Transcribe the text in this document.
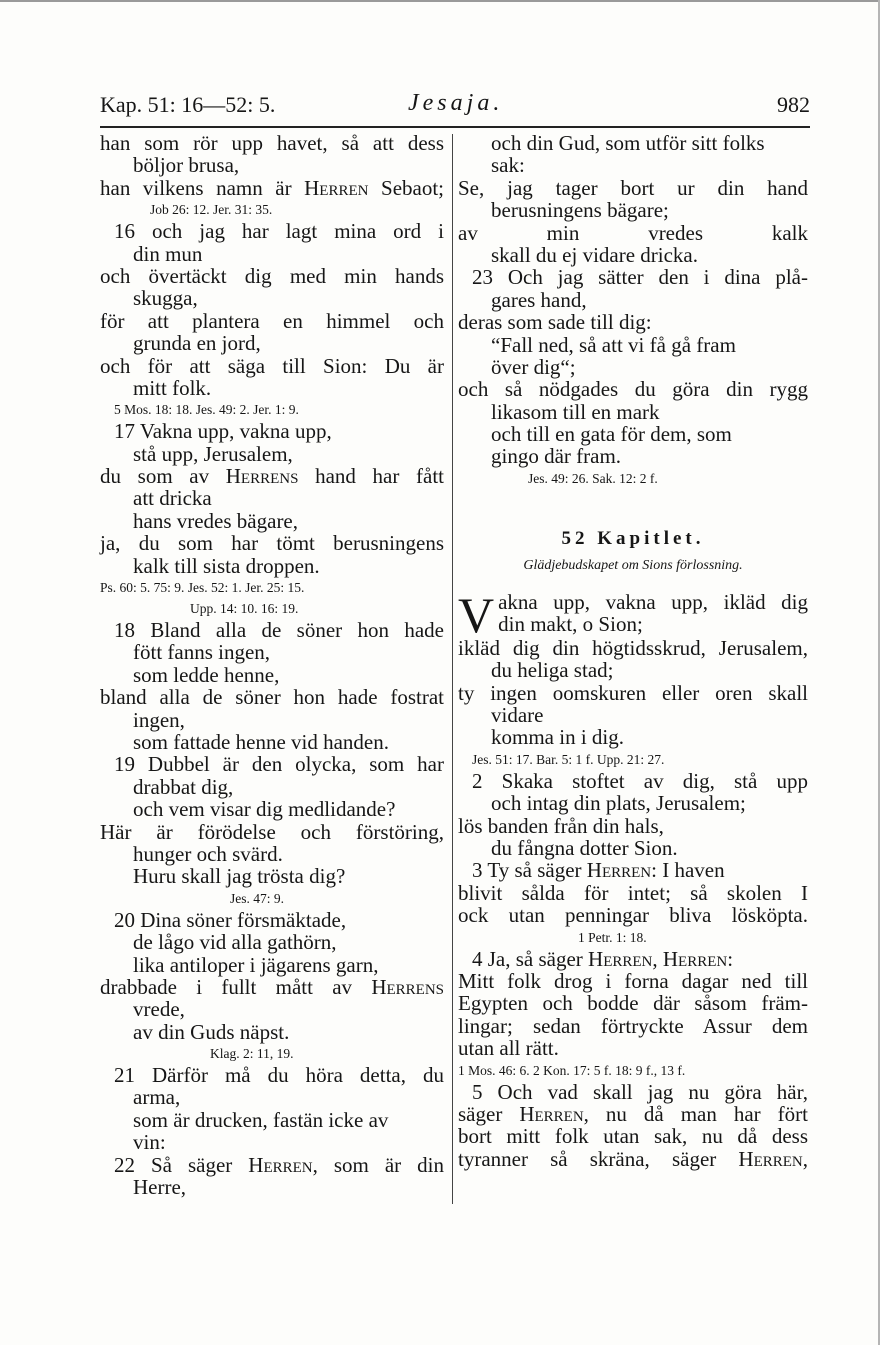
Kap. 51: 16—52: 5.	Jesaja.	982
han som rör upp havet, så att dess
böljor brusa,
han vilkens namn är Herren Sebaot;
Job 26: 12. Jer. 31: 35.
16 och jag har lagt mina ord i
din mun
och övertäckt dig med min hands
skugga,
för att plantera en himmel och
grunda en jord,
och för att säga till Sion: Du är
mitt folk.
5 Mos. 18: 18. Jes. 49: 2. Jer. 1: 9.
17 Vakna upp, vakna upp,
stå upp, Jerusalem,
du som av Herrens hand har fått
att dricka
hans vredes bägare,
ja, du som har tömt berusningens
kalk till sista droppen.
Ps. 60: 5. 75: 9. Jes. 52: 1. Jer. 25: 15.
Upp. 14: 10. 16: 19.
18 Bland alla de söner hon hade
fött fanns ingen,
som ledde henne,
bland alla de söner hon hade fostrat
ingen,
som fattade henne vid handen.
19 Dubbel är den olycka, som har
drabbat dig,
och vem visar dig medlidande?
Här är förödelse och förstöring,
hunger och svärd.
Huru skall jag trösta dig?
Jes. 47: 9.
20 Dina söner försmäktade,
de lågo vid alla gathörn,
lika antiloper i jägarens garn,
drabbade i fullt mått av Herrens
vrede,
av din Guds näpst.
Klag. 2: 11, 19.
21 Därför må du höra detta, du
arma,
som är drucken, fastän icke av
vin:
22 Så säger Herren, som är din
Herre,
och din Gud, som utför sitt folks
sak:
Se, jag tager bort ur din hand
berusningens bägare;
av min vredes kalk
skall du ej vidare dricka.
23 Och jag sätter den i dina plå-
gares hand,
deras som sade till dig:
“Fall ned, så att vi få gå fram
över dig“;
och så nödgades du göra din rygg
likasom till en mark
och till en gata för dem, som
gingo där fram.
Jes. 49: 26. Sak. 12: 2 f.
52 Kapitlet.
Glädjebudskapet om Sions förlossning.
V akna upp, vakna upp, ikläd dig
din makt, o Sion;
ikläd dig din högtidsskrud, Jerusalem,
du heliga stad;
ty ingen oomskuren eller oren skall
vidare
komma in i dig.
Jes. 51: 17. Bar. 5: 1 f. Upp. 21: 27.
2 Skaka stoftet av dig, stå upp
och intag din plats, Jerusalem;
lös banden från din hals,
du fångna dotter Sion.
3 Ty så säger Herren: I haven
blivit sålda för intet; så skolen I
ock utan penningar bliva lösköpta.
1 Petr. 1: 18.
4 Ja, så säger Herren, Herren:
Mitt folk drog i forna dagar ned till
Egypten och bodde där såsom främ-
lingar; sedan förtryckte Assur dem
utan all rätt.
1 Mos. 46: 6. 2 Kon. 17: 5 f. 18: 9 f., 13 f.
5 Och vad skall jag nu göra här,
säger Herren, nu då man har fört
bort mitt folk utan sak, nu då dess
tyranner så skräna, säger Herren,
